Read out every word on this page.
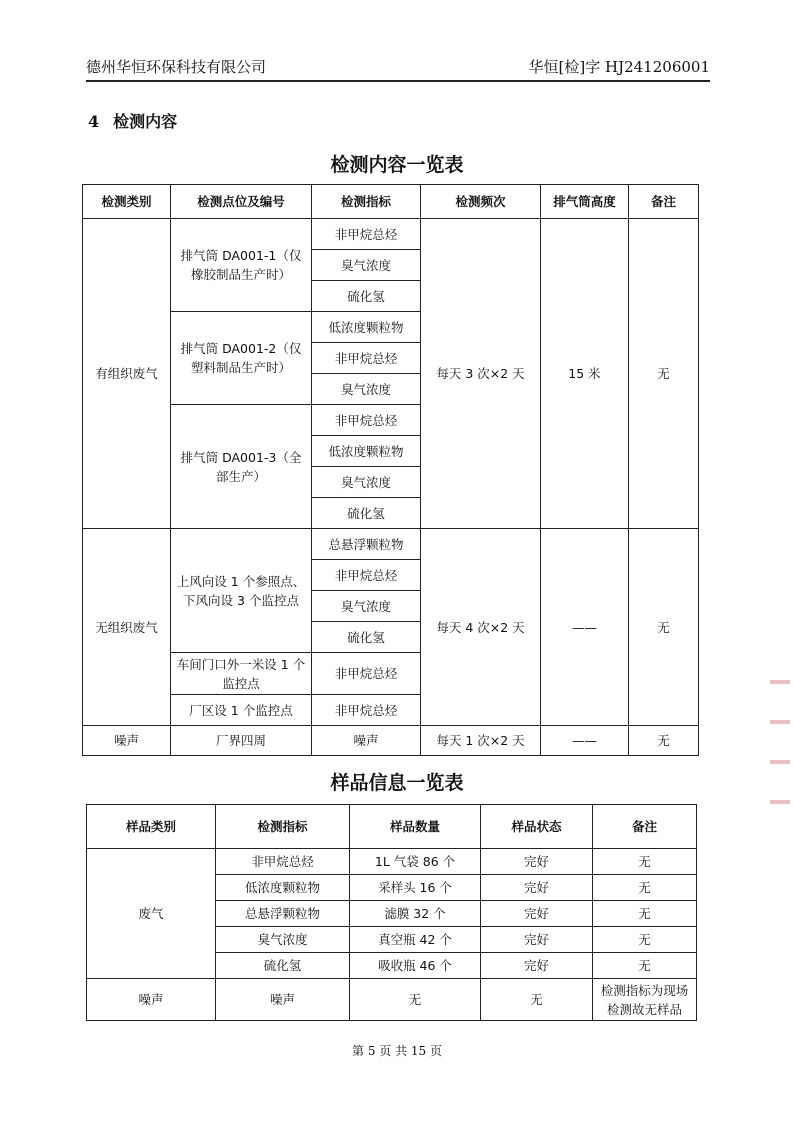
德州华恒环保科技有限公司	华恒[检]字 HJ241206001
4 检测内容
检测内容一览表
检测类别	检测点位及编号	检测指标	检测频次	排气筒高度	备注
有组织废气	排气筒 DA001-1（仅橡胶制品生产时）	非甲烷总烃	每天 3 次×2 天	15 米	无
		臭气浓度			
		硫化氢			
	排气筒 DA001-2（仅塑料制品生产时）	低浓度颗粒物			
		非甲烷总烃			
		臭气浓度			
	排气筒 DA001-3（全部生产）	非甲烷总烃			
		低浓度颗粒物			
		臭气浓度			
		硫化氢			
无组织废气	上风向设 1 个参照点、下风向设 3 个监控点	总悬浮颗粒物	每天 4 次×2 天	——	无
		非甲烷总烃			
		臭气浓度			
		硫化氢			
	车间门口外一米设 1 个监控点	非甲烷总烃			
	厂区设 1 个监控点	非甲烷总烃			
噪声	厂界四周	噪声	每天 1 次×2 天	——	无
样品信息一览表
样品类别	检测指标	样品数量	样品状态	备注
废气	非甲烷总烃	1L 气袋 86 个	完好	无
	低浓度颗粒物	采样头 16 个	完好	无
	总悬浮颗粒物	滤膜 32 个	完好	无
	臭气浓度	真空瓶 42 个	完好	无
	硫化氢	吸收瓶 46 个	完好	无
噪声	噪声	无	无	检测指标为现场检测故无样品
第 5 页 共 15 页
